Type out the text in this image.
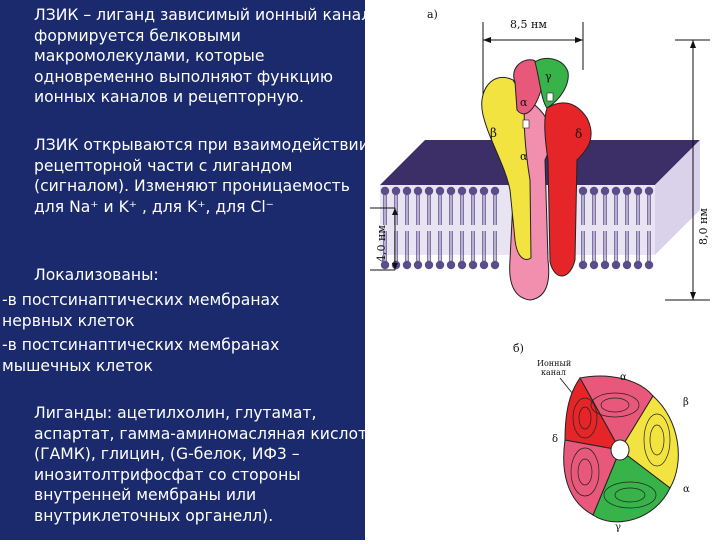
ЛЗИК – лиганд зависимый ионный канал – формируется белковыми макромолекулами, которые одновременно выполняют функцию ионных каналов и рецепторную.
ЛЗИК открываются при взаимодействии рецепторной части с лигандом (сигналом). Изменяют проницаемость для Na⁺ и K⁺ , для K⁺, для Cl⁻
Локализованы:
-в постсинаптических мембранах нервных клеток
-в постсинаптических мембранах мышечных клеток
Лиганды: ацетилхолин, глутамат, аспартат, гамма-аминомасляная кислота (ГАМК), глицин, (G-белок, ИФ3 – инозитолтрифосфат со стороны внутренней мембраны или внутриклеточных органелл).
а)
8,5 нм
α
γ
β	δ
α
8,0 нм
4,0 нм
б)
Ионный канал	α
β
α
γ
δ
